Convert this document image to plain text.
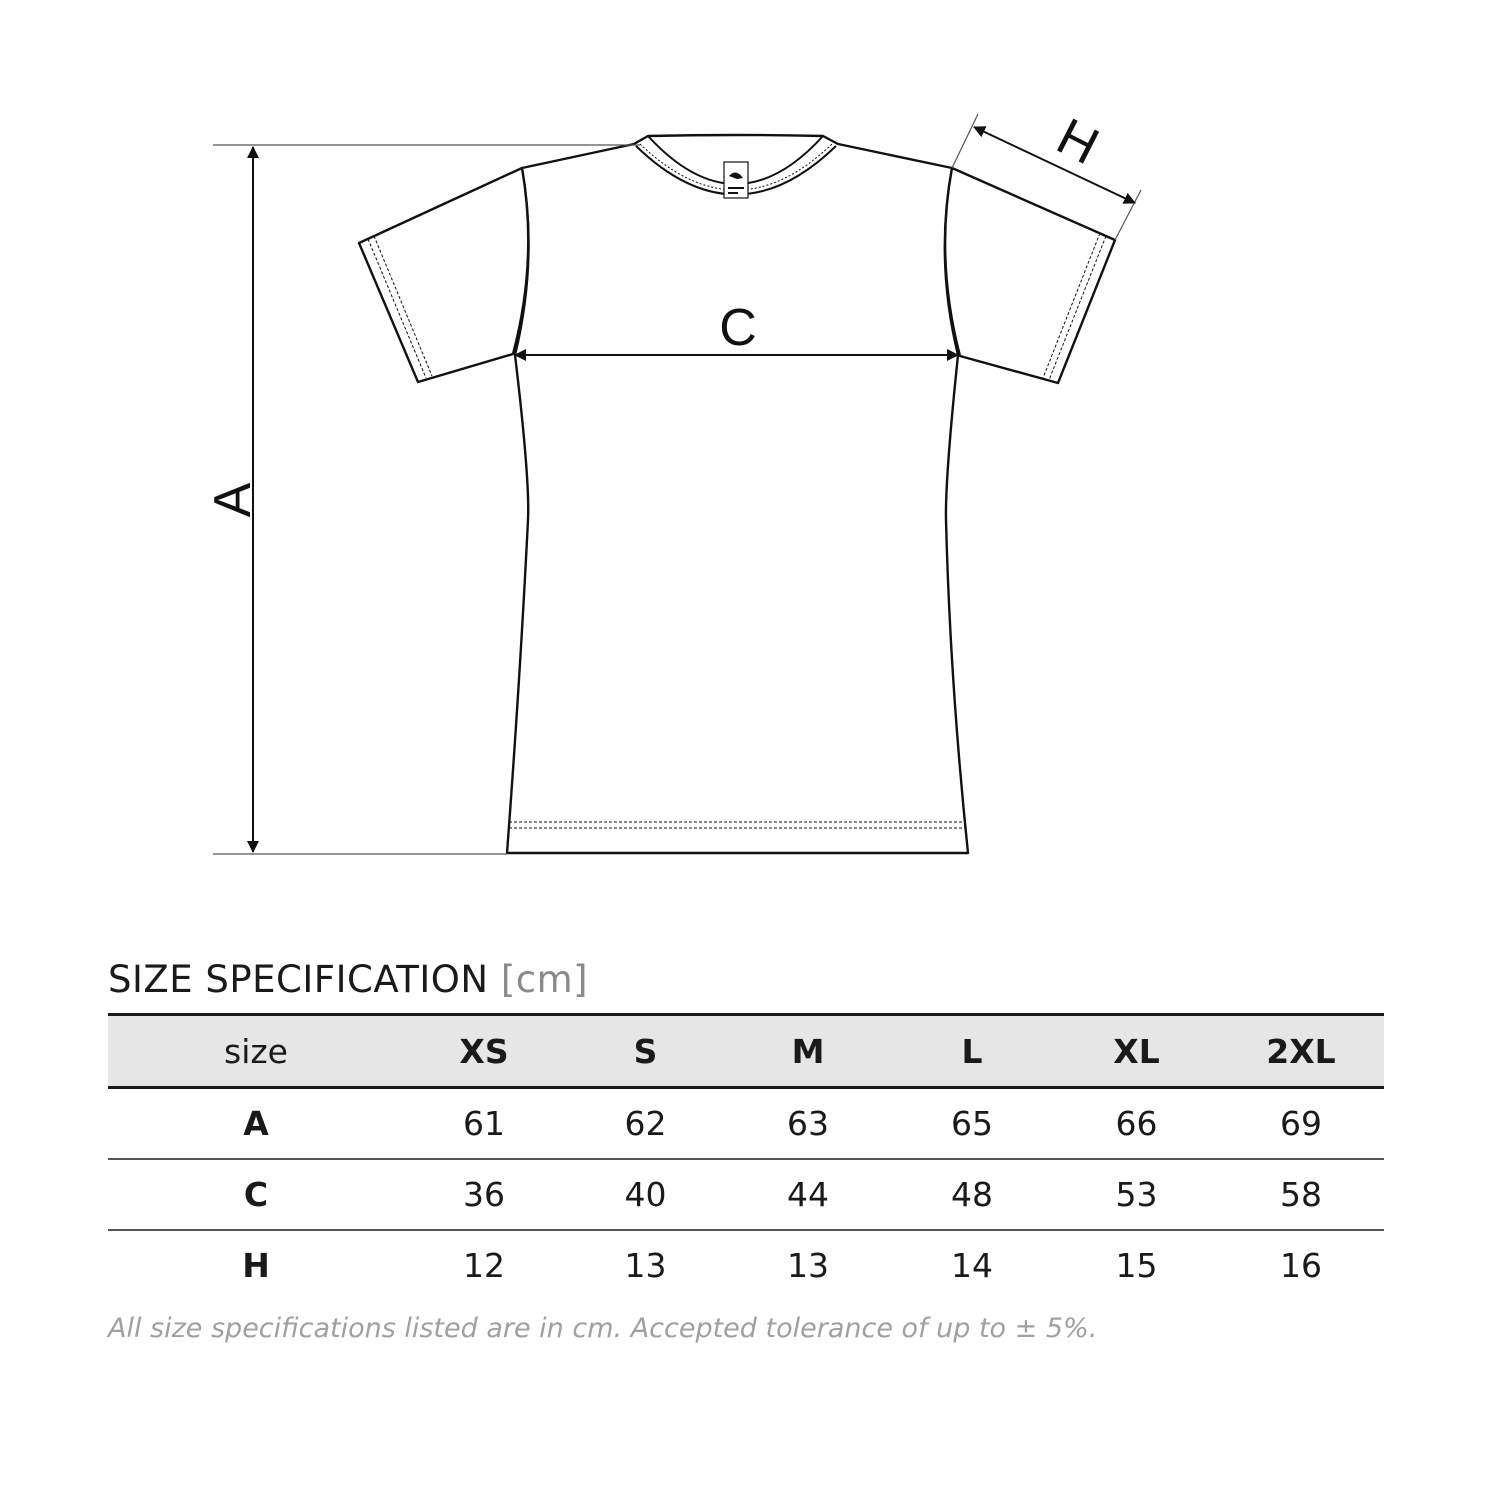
A
C
H
SIZE SPECIFICATION [cm]
size	XS	S	M	L	XL	2XL
A	61	62	63	65	66	69
C	36	40	44	48	53	58
H	12	13	13	14	15	16

All size specifications listed are in cm. Accepted tolerance of up to ± 5%.
